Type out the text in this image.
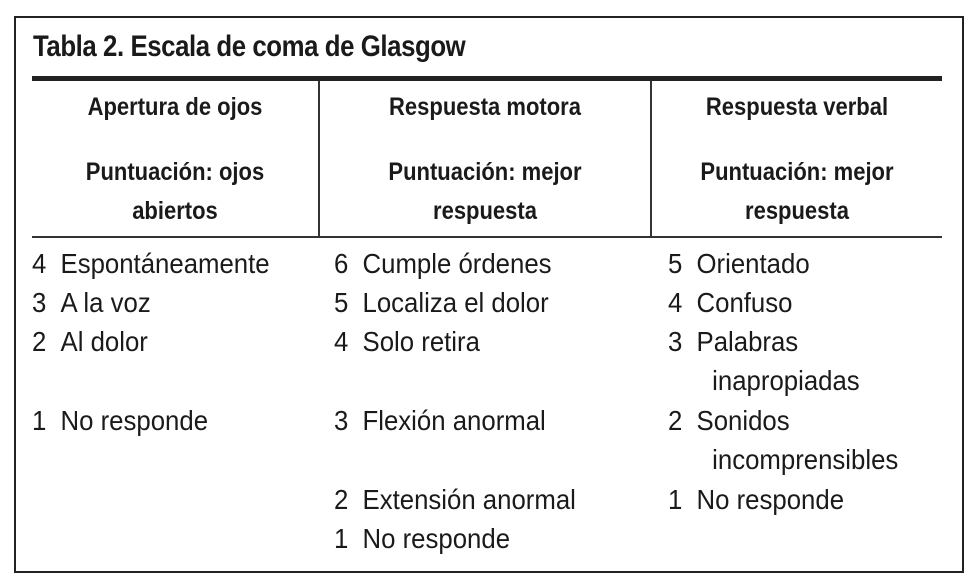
Tabla 2. Escala de coma de Glasgow
Apertura de ojos
Puntuación: ojos
abiertos
Respuesta motora
Puntuación: mejor
respuesta
Respuesta verbal
Puntuación: mejor
respuesta
4 Espontáneamente
3 A la voz
2 Al dolor
1 No responde
6 Cumple órdenes
5 Localiza el dolor
4 Solo retira
3 Flexión anormal
2 Extensión anormal
1 No responde
5 Orientado
4 Confuso
3 Palabras
inapropiadas
2 Sonidos
incomprensibles
1 No responde
